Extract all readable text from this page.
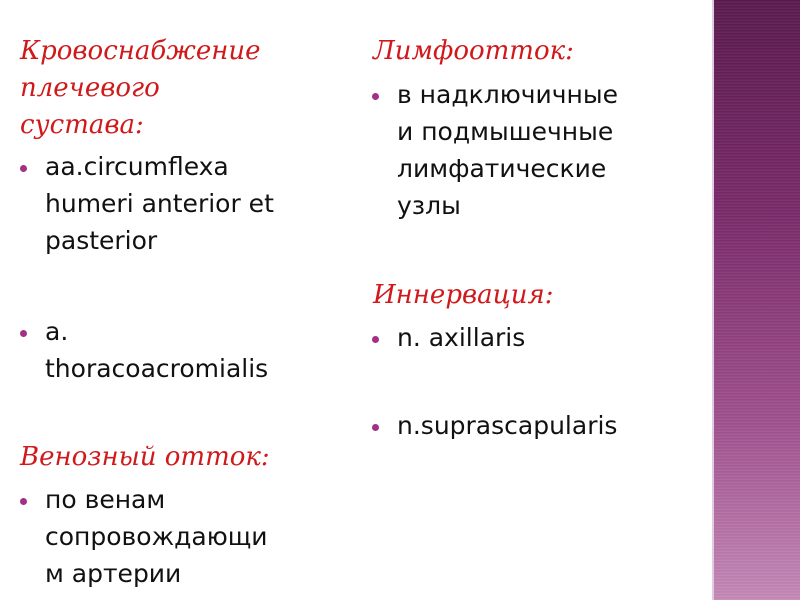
Кровоснабжение
плечевого
сустава:

aa.circumflexa
humeri anterior et
pasterior

a.
thoracoacromialis

Венозный отток:

по венам
сопровождающи
м артерии

Лимфоотток:

в надключичные
и подмышечные
лимфатические
узлы

Иннервация:

n. axillaris

n.suprascapularis
